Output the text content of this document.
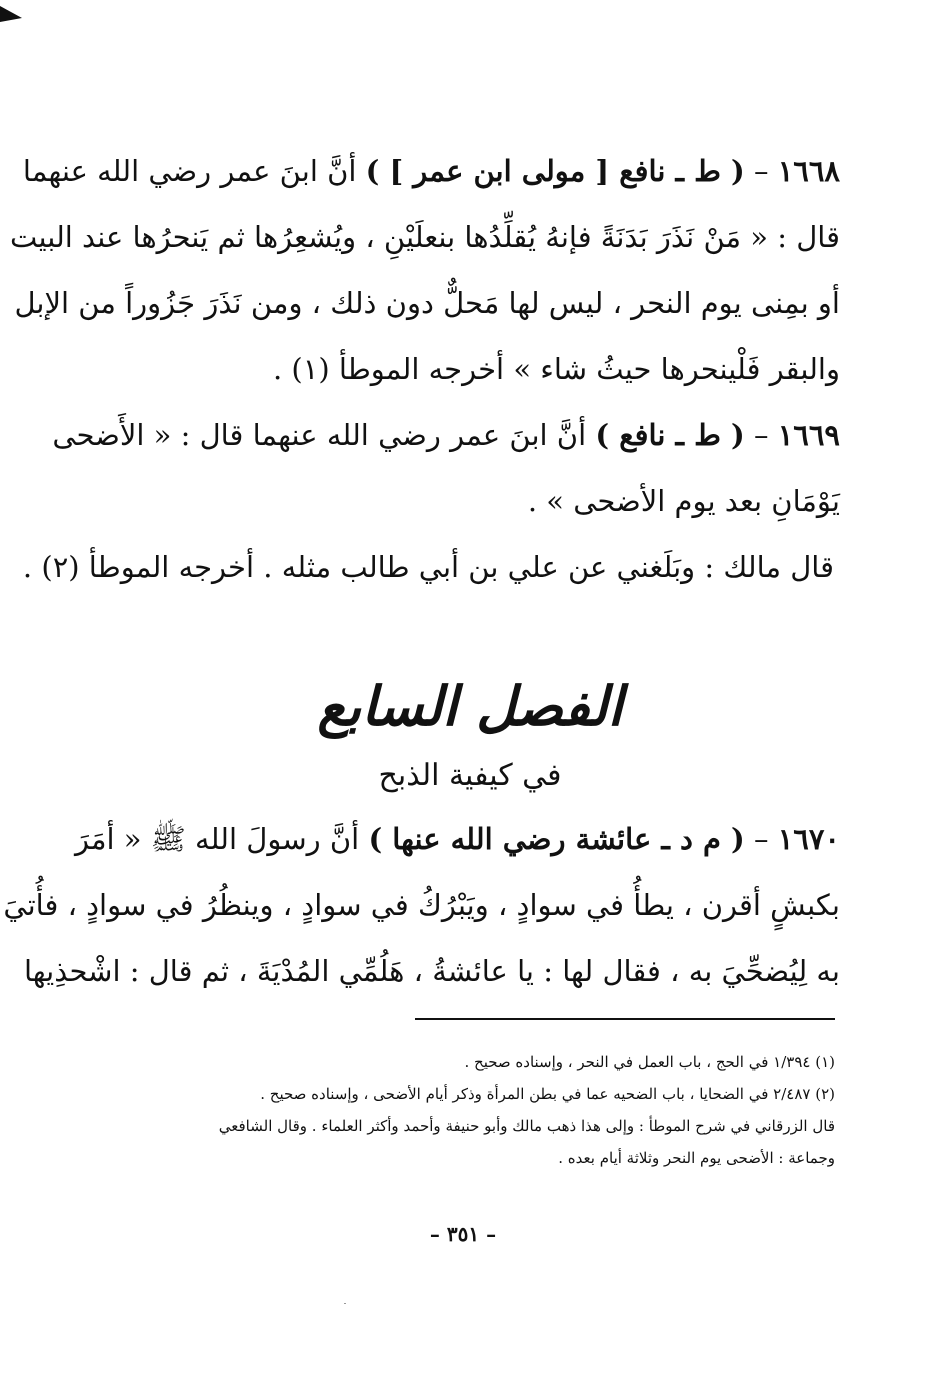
١٦٦٨ – ( ط ـ نافع [ مولى ابن عمر ] ) أنَّ ابنَ عمر رضي الله عنهما
قال : « مَنْ نَذَرَ بَدَنَةً فإنهُ يُقلِّدُها بنعلَيْنِ ، ويُشعِرُها ثم يَنحرُها عند البيت
أو بمِنى يوم النحر ، ليس لها مَحلٌّ دون ذلك ، ومن نَذَرَ جَزُوراً من الإبل
والبقر فَلْينحرها حيثُ شاء » أخرجه الموطأ (١) .
١٦٦٩ – ( ط ـ نافع ) أنَّ ابنَ عمر رضي الله عنهما قال : « الأَضحى
يَوْمَانِ بعد يوم الأضحى » .
قال مالك : وبَلَغني عن علي بن أبي طالب مثله . أخرجه الموطأ (٢) .
الفصل السابع
في كيفية الذبح
١٦٧٠ – ( م د ـ عائشة رضي الله عنها ) أنَّ رسولَ الله ﷺ « أمَرَ
بكبشٍ أقرن ، يطأُ في سوادٍ ، ويَبْرُكُ في سوادٍ ، وينظُرُ في سوادٍ ، فأُتيَ
به لِيُضحِّيَ به ، فقال لها : يا عائشةُ ، هَلُمِّي المُدْيَةَ ، ثم قال : اشْحذِيها
(١) ١/٣٩٤ في الحج ، باب العمل في النحر ، وإسناده صحيح .
(٢) ٢/٤٨٧ في الضحايا ، باب الضحيه عما في بطن المرأة وذكر أيام الأضحى ، وإسناده صحيح .
قال الزرقاني في شرح الموطأ : وإلى هذا ذهب مالك وأبو حنيفة وأحمد وأكثر العلماء . وقال الشافعي
وجماعة : الأضحى يوم النحر وثلاثة أيام بعده .
– ٣٥١ –
